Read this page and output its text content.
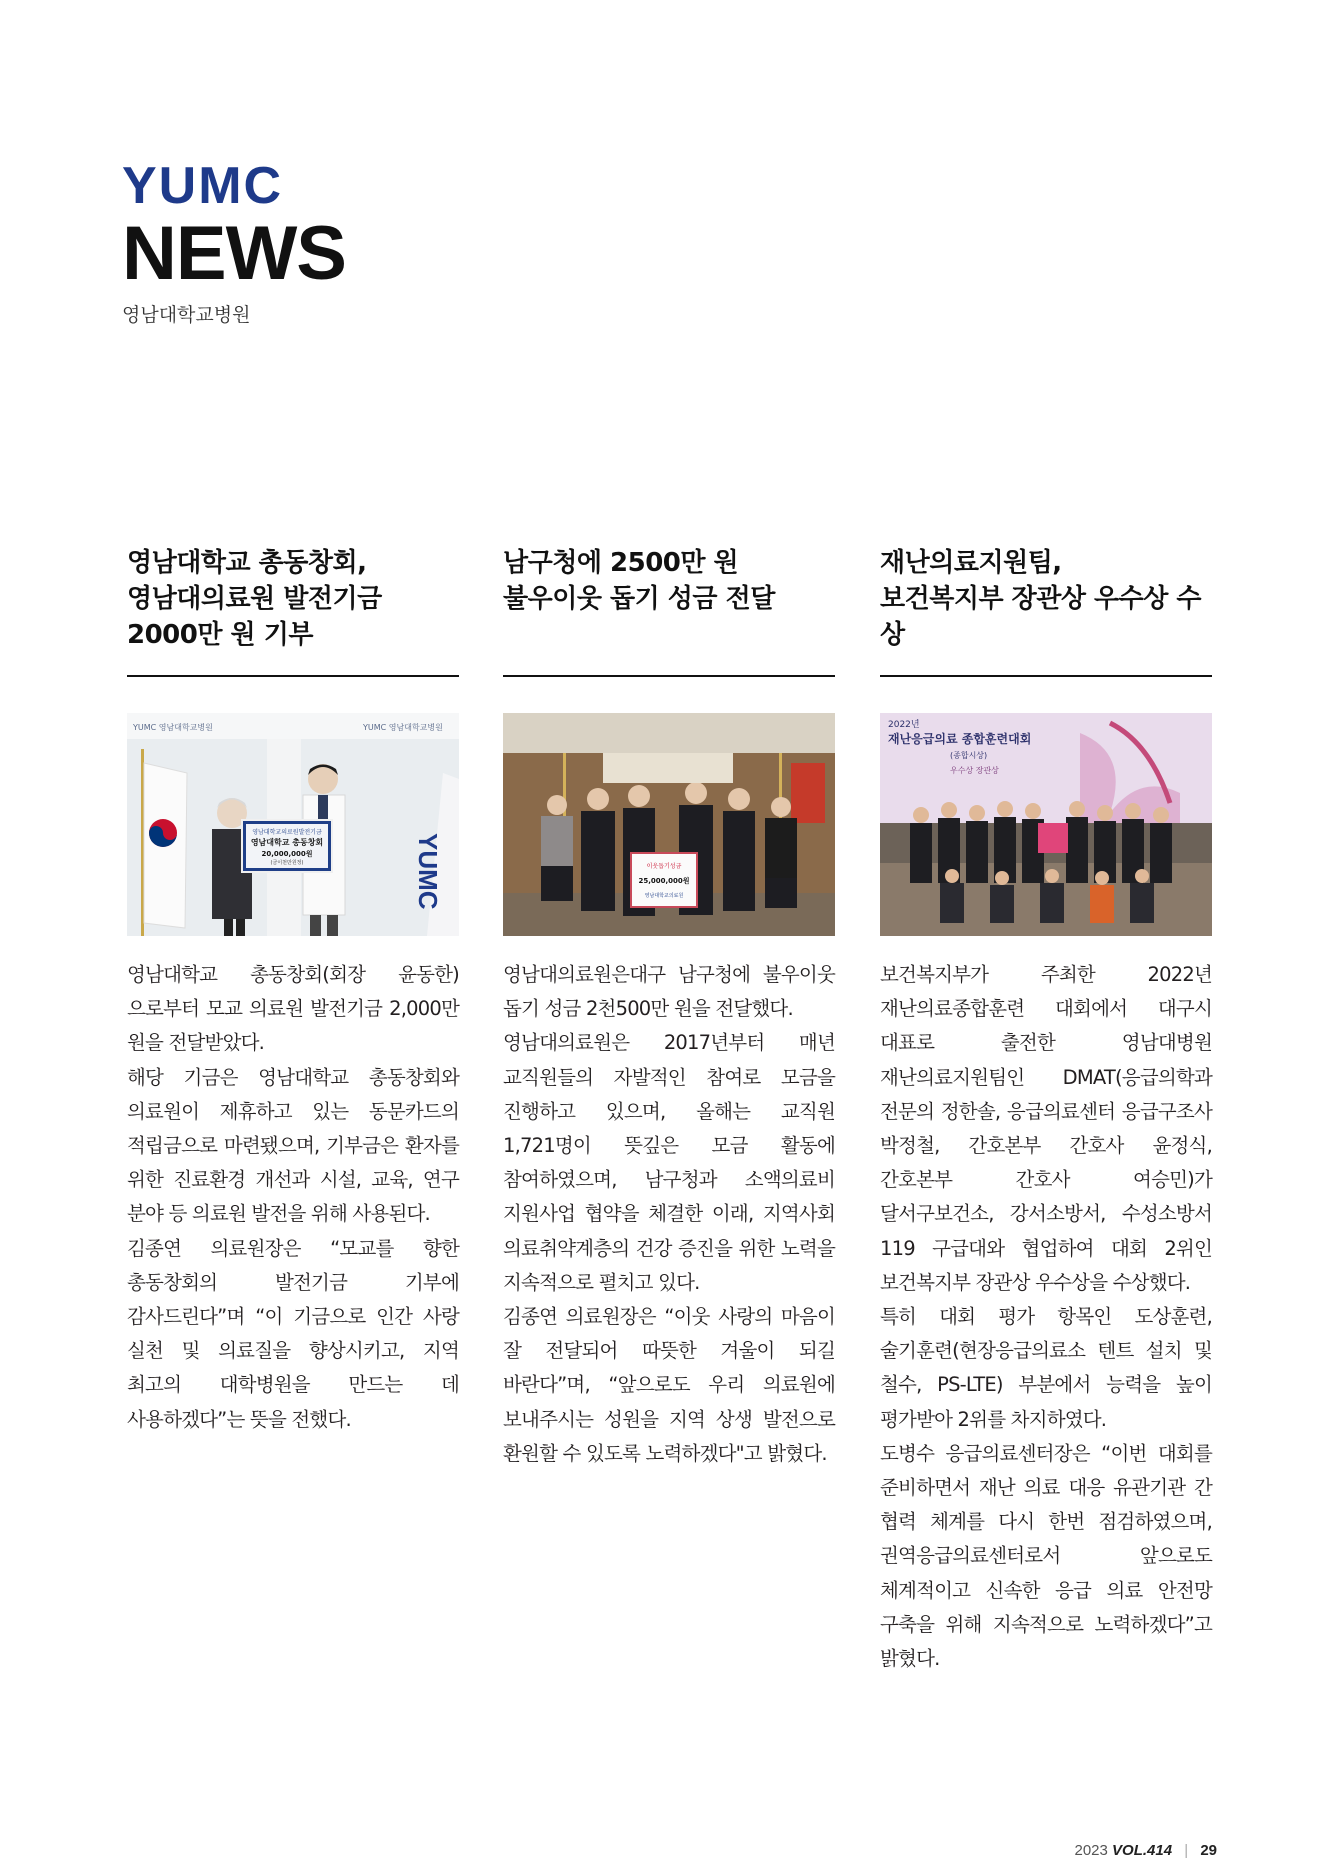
YUMC
NEWS
영남대학교병원
영남대학교 총동창회,
영남대의료원 발전기금
2000만 원 기부
YUMC 영남대학교병원	YUMC 영남대학교병원
YUMC
영남대학교의료원발전기금
영남대학교 총동창회
20,000,000원
(금이천만원정)

영남대학교 총동창회(회장 윤동한)으로부터 모교 의료원 발전기금 2,000만 원을 전달받았다.

해당 기금은 영남대학교 총동창회와 의료원이 제휴하고 있는 동문카드의 적립금으로 마련됐으며, 기부금은 환자를 위한 진료환경 개선과 시설, 교육, 연구 분야 등 의료원 발전을 위해 사용된다.

김종연 의료원장은 “모교를 향한 총동창회의 발전기금 기부에 감사드린다”며 “이 기금으로 인간 사랑 실천 및 의료질을 향상시키고, 지역 최고의 대학병원을 만드는 데 사용하겠다”는 뜻을 전했다.

남구청에 2500만 원
불우이웃 돕기 성금 전달
이웃돕기성금
25,000,000원
영남대학교의료원

영남대의료원은대구 남구청에 불우이웃 돕기 성금 2천500만 원을 전달했다.

영남대의료원은 2017년부터 매년 교직원들의 자발적인 참여로 모금을 진행하고 있으며, 올해는 교직원 1,721명이 뜻깊은 모금 활동에 참여하였으며, 남구청과 소액의료비 지원사업 협약을 체결한 이래, 지역사회 의료취약계층의 건강 증진을 위한 노력을 지속적으로 펼치고 있다.

김종연 의료원장은 “이웃 사랑의 마음이 잘 전달되어 따뜻한 겨울이 되길 바란다”며, “앞으로도 우리 의료원에 보내주시는 성원을 지역 상생 발전으로 환원할 수 있도록 노력하겠다"고 밝혔다.

재난의료지원팀,
보건복지부 장관상 우수상 수상
2022년
재난응급의료 종합훈련대회
(종합시상)
우수상 장관상

보건복지부가 주최한 2022년 재난의료종합훈련 대회에서 대구시 대표로 출전한 영남대병원 재난의료지원팀인 DMAT(응급의학과 전문의 정한솔, 응급의료센터 응급구조사 박정철, 간호본부 간호사 윤정식, 간호본부 간호사 여승민)가 달서구보건소, 강서소방서, 수성소방서 119 구급대와 협업하여 대회 2위인 보건복지부 장관상 우수상을 수상했다.

특히 대회 평가 항목인 도상훈련, 술기훈련(현장응급의료소 텐트 설치 및 철수, PS-LTE) 부분에서 능력을 높이 평가받아 2위를 차지하였다.

도병수 응급의료센터장은 “이번 대회를 준비하면서 재난 의료 대응 유관기관 간 협력 체계를 다시 한번 점검하였으며, 권역응급의료센터로서 앞으로도 체계적이고 신속한 응급 의료 안전망 구축을 위해 지속적으로 노력하겠다”고 밝혔다.

2023 VOL.414 | 29
